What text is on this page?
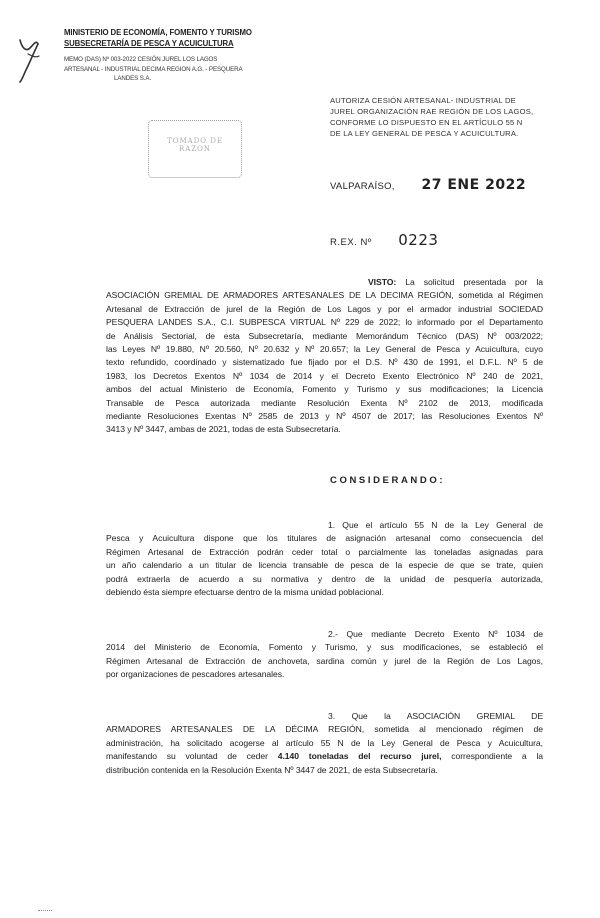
MINISTERIO DE ECONOMÍA, FOMENTO Y TURISMO
SUBSECRETARÍA DE PESCA Y ACUICULTURA
MEMO (DAS) Nº 003-2022 CESIÓN JUREL LOS LAGOS
ARTESANAL - INDUSTRIAL DECIMA REGION A.G. - PESQUERA
LANDES S.A.
TOMADO DE
RAZON
AUTORIZA CESIÓN ARTESANAL- INDUSTRIAL DE
JUREL ORGANIZACIÓN RAE REGIÓN DE LOS LAGOS,
CONFORME LO DISPUESTO EN EL ARTÍCULO 55 N
DE LA LEY GENERAL DE PESCA Y ACUICULTURA.
VALPARAÍSO, 27 ENE 2022
R.EX. Nº 0223
VISTO: La solicitud presentada por la
ASOCIACIÓN GREMIAL DE ARMADORES ARTESANALES DE LA DECIMA REGIÓN, sometida al Régimen
Artesanal de Extracción de jurel de la Región de Los Lagos y por el armador industrial SOCIEDAD
PESQUERA LANDES S.A., C.I. SUBPESCA VIRTUAL Nº 229 de 2022; lo informado por el Departamento
de Análisis Sectorial, de esta Subsecretaría, mediante Memorándum Técnico (DAS) Nº 003/2022;
las Leyes Nº 19.880, Nº 20.560, Nº 20.632 y Nº 20.657; la Ley General de Pesca y Acuicultura, cuyo
texto refundido, coordinado y sistematizado fue fijado por el D.S. Nº 430 de 1991, el D.F.L. Nº 5 de
1983, los Decretos Exentos Nº 1034 de 2014 y el Decreto Exento Electrónico Nº 240 de 2021,
ambos del actual Ministerio de Economía, Fomento y Turismo y sus modificaciones; la Licencia
Transable de Pesca autorizada mediante Resolución Exenta Nº 2102 de 2013, modificada
mediante Resoluciones Exentas Nº 2585 de 2013 y Nº 4507 de 2017; las Resoluciones Exentos Nº
3413 y Nº 3447, ambas de 2021, todas de esta Subsecretaría.
CONSIDERANDO:
1. Que el artículo 55 N de la Ley General de
Pesca y Acuicultura dispone que los titulares de asignación artesanal como consecuencia del
Régimen Artesanal de Extracción podrán ceder total o parcialmente las toneladas asignadas para
un año calendario a un titular de licencia transable de pesca de la especie de que se trate, quien
podrá extraerla de acuerdo a su normativa y dentro de la unidad de pesquería autorizada,
debiendo ésta siempre efectuarse dentro de la misma unidad poblacional.
2.- Que mediante Decreto Exento Nº 1034 de
2014 del Ministerio de Economía, Fomento y Turismo, y sus modificaciones, se estableció el
Régimen Artesanal de Extracción de anchoveta, sardina común y jurel de la Región de Los Lagos,
por organizaciones de pescadores artesanales.
3. Que la ASOCIACIÓN GREMIAL DE
ARMADORES ARTESANALES DE LA DÉCIMA REGIÓN, sometida al mencionado régimen de
administración, ha solicitado acogerse al artículo 55 N de la Ley General de Pesca y Acuicultura,
manifestando su voluntad de ceder 4.140 toneladas del recurso jurel, correspondiente a la
distribución contenida en la Resolución Exenta Nº 3447 de 2021, de esta Subsecretaría.
